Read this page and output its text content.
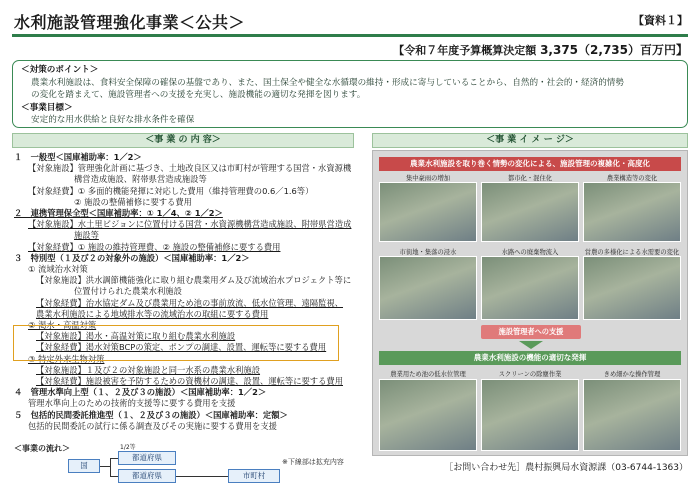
水利施設管理強化事業＜公共＞	【資料１】
【令和７年度予算概算決定額 3,375（2,735）百万円】
＜対策のポイント＞
農業水利施設は、食料安全保障の確保の基盤であり、また、国土保全や健全な水循環の維持・形成に寄与していることから、自然的・社会的・経済的情勢
の変化を踏まえて、施設管理者への支援を充実し、施設機能の適切な発揮を図ります。
＜事業目標＞
安定的な用水供給と良好な排水条件を確保
＜事 業 の 内 容＞	＜事 業 イ メ ー ジ＞
１　一般型＜国庫補助率：1／2＞
【対象施設】管理強化計画に基づき、土地改良区又は市町村が管理する国営・水資源機
構営造成施設、附帯県営造成施設等
【対象経費】① 多面的機能発揮に対応した費用（維持管理費の0.6／1.6等）
② 施設の整備補修に要する費用
２　連携管理保全型＜国庫補助率：① 1／4、② 1／2＞
【対象施設】水土里ビジョンに位置付ける国営・水資源機構営造成施設、附帯県営造成
施設等
【対象経費】① 施設の維持管理費、② 施設の整備補修に要する費用
３　特別型（１及び２の対象外の施設）＜国庫補助率：1／2＞
① 流域治水対策
【対象施設】洪水調節機能強化に取り組む農業用ダム及び流域治水プロジェクト等に
位置付けられた農業水利施設
【対象経費】治水協定ダム及び農業用ため池の事前放流、低水位管理、遠隔監視、
農業水利施設による地域排水等の流域治水の取組に要する費用
② 渇水・高温対策
【対象施設】渇水・高温対策に取り組む農業水利施設
【対象経費】渇水対策BCPの策定、ポンプの調達、設置、運転等に要する費用
③ 特定外来生物対策
【対象施設】１及び２の対象施設と同一水系の農業水利施設
【対象経費】施設被害を予防するための資機材の調達、設置、運転等に要する費用
４　管理水準向上型（１、２及び３の施設）＜国庫補助率：1／2＞
管理水準向上のための技術的支援等に要する費用を支援
５　包括的民間委託推進型（１、２及び３の施設）＜国庫補助率：定額＞
包括的民間委託の試行に係る調査及びその実施に要する費用を支援
＜事業の流れ＞	1/2等
国
都道府県
都道府県	市町村
※下線部は拡充内容
農業水利施設を取り巻く情勢の変化による、施設管理の複雑化・高度化
集中豪雨の増加	都市化・混住化	農業構造等の変化
市街地・集落の浸水	水路への廃棄物流入	営農の多様化による水需要の変化
施設管理者への支援
農業水利施設の機能の適切な発揮
農業用ため池の低水位管理	スクリーンの除塵作業	きめ細かな操作管理
［お問い合わせ先］農村振興局水資源課（03-6744-1363）
